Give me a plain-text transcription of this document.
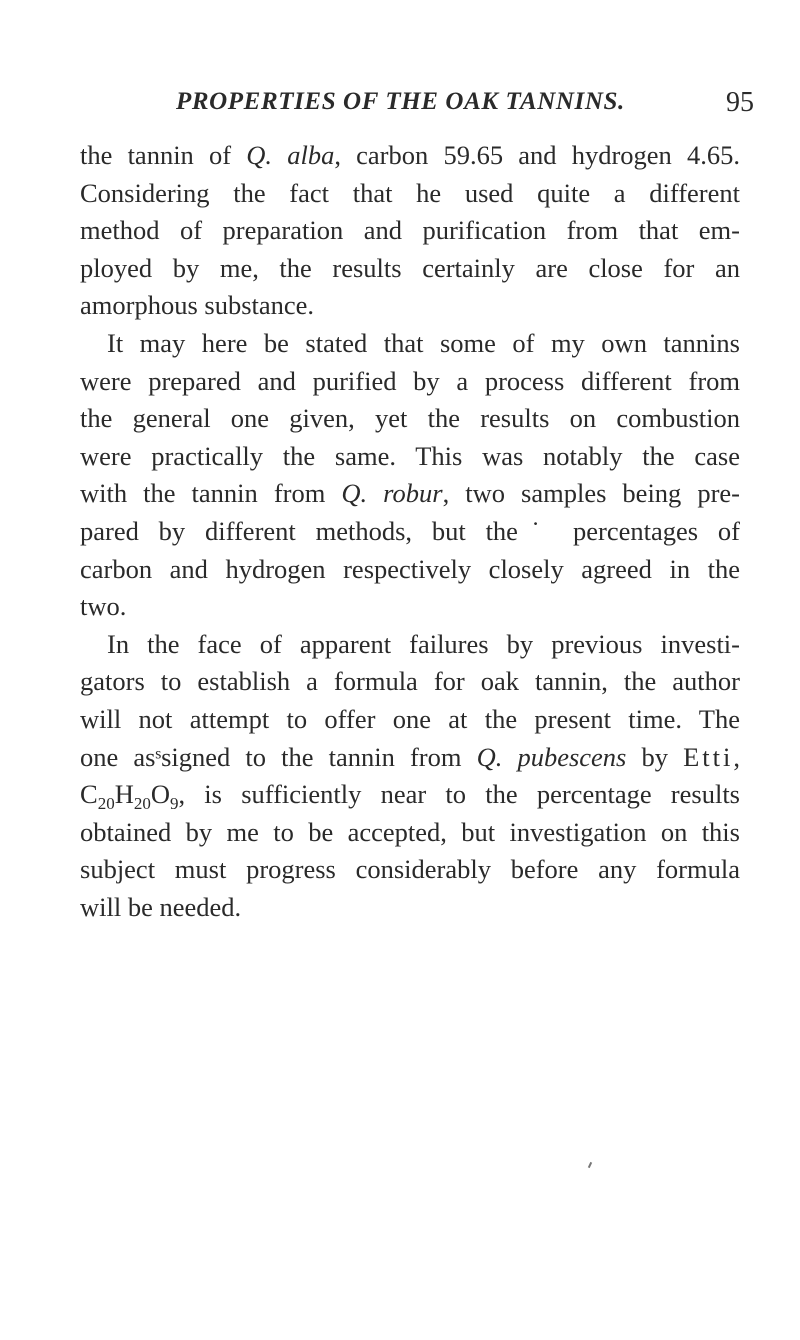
PROPERTIES OF THE OAK TANNINS.	95
the tannin of Q. alba, carbon 59.65 and hydrogen 4.65.
Considering the fact that he used quite a different
method of preparation and purification from that em-
ployed by me, the results certainly are close for an
amorphous substance.
It may here be stated that some of my own tannins
were prepared and purified by a process different from
the general one given, yet the results on combustion
were practically the same. This was notably the case
with the tannin from Q. robur, two samples being pre-
pared by different methods, but the˙ percentages of
carbon and hydrogen respectively closely agreed in the
two.
In the face of apparent failures by previous investi-
gators to establish a formula for oak tannin, the author
will not attempt to offer one at the present time. The
one asˢsigned to the tannin from Q. pubescens by Etti,
$C_{20}H_{20}O_9$, is sufficiently near to the percentage results
obtained by me to be accepted, but investigation on this
subject must progress considerably before any formula
will be needed.
